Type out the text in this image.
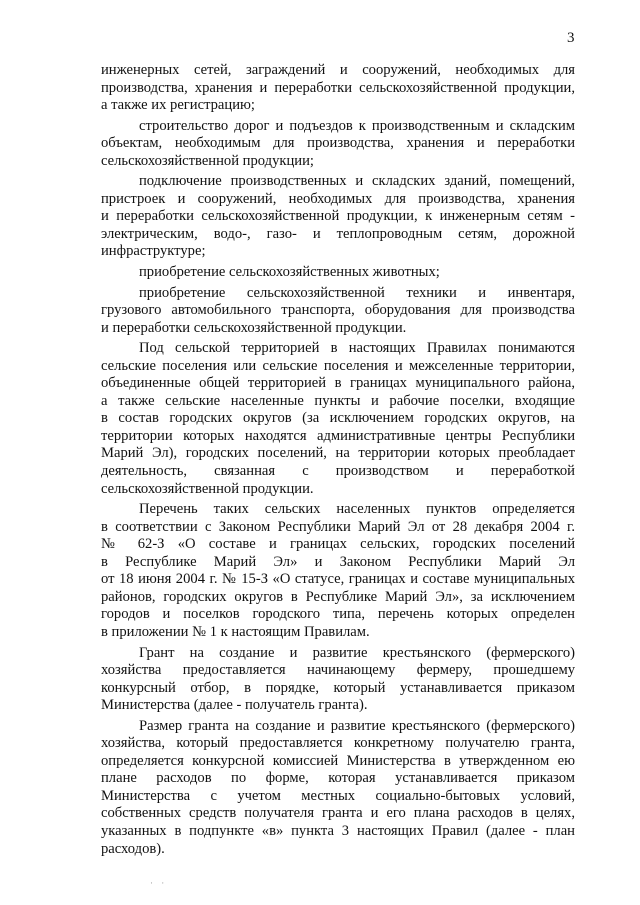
3
инженерных сетей, заграждений и сооружений, необходимых для
производства, хранения и переработки сельскохозяйственной продукции,
а также их регистрацию;
строительство дорог и подъездов к производственным и складским
объектам, необходимым для производства, хранения и переработки
сельскохозяйственной продукции;
подключение производственных и складских зданий, помещений,
пристроек и сооружений, необходимых для производства, хранения
и переработки сельскохозяйственной продукции, к инженерным сетям -
электрическим, водо-, газо- и теплопроводным сетям, дорожной
инфраструктуре;
приобретение сельскохозяйственных животных;
приобретение сельскохозяйственной техники и инвентаря,
грузового автомобильного транспорта, оборудования для производства
и переработки сельскохозяйственной продукции.
Под сельской территорией в настоящих Правилах понимаются
сельские поселения или сельские поселения и межселенные территории,
объединенные общей территорией в границах муниципального района,
а также сельские населенные пункты и рабочие поселки, входящие
в состав городских округов (за исключением городских округов, на
территории которых находятся административные центры Республики
Марий Эл), городских поселений, на территории которых преобладает
деятельность, связанная с производством и переработкой
сельскохозяйственной продукции.
Перечень таких сельских населенных пунктов определяется
в соответствии с Законом Республики Марий Эл от 28 декабря 2004 г.
№ 62-З «О составе и границах сельских, городских поселений
в Республике Марий Эл» и Законом Республики Марий Эл
от 18 июня 2004 г. № 15-З «О статусе, границах и составе муниципальных
районов, городских округов в Республике Марий Эл», за исключением
городов и поселков городского типа, перечень которых определен
в приложении № 1 к настоящим Правилам.
Грант на создание и развитие крестьянского (фермерского)
хозяйства предоставляется начинающему фермеру, прошедшему
конкурсный отбор, в порядке, который устанавливается приказом
Министерства (далее - получатель гранта).
Размер гранта на создание и развитие крестьянского (фермерского)
хозяйства, который предоставляется конкретному получателю гранта,
определяется конкурсной комиссией Министерства в утвержденном ею
плане расходов по форме, которая устанавливается приказом
Министерства с учетом местных социально-бытовых условий,
собственных средств получателя гранта и его плана расходов в целях,
указанных в подпункте «в» пункта 3 настоящих Правил (далее - план
расходов).
· ·
